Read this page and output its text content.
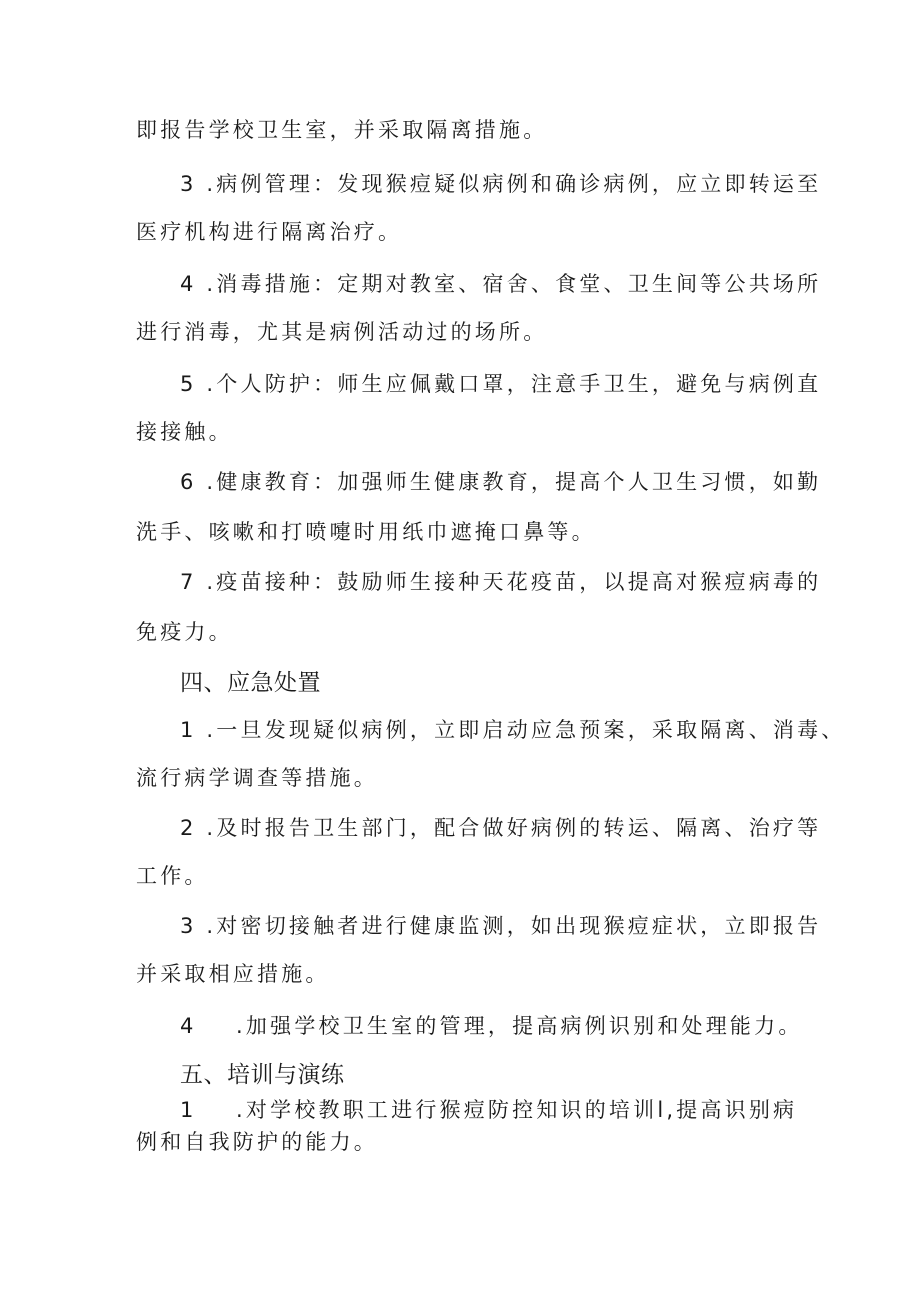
即报告学校卫生室，并采取隔离措施。
3 .病例管理：发现猴痘疑似病例和确诊病例，应立即转运至
医疗机构进行隔离治疗。
4 .消毒措施：定期对教室、宿舍、食堂、卫生间等公共场所
进行消毒，尤其是病例活动过的场所。
5 .个人防护：师生应佩戴口罩，注意手卫生，避免与病例直
接接触。
6 .健康教育：加强师生健康教育，提高个人卫生习惯，如勤
洗手、咳嗽和打喷嚏时用纸巾遮掩口鼻等。
7 .疫苗接种：鼓励师生接种天花疫苗，以提高对猴痘病毒的
免疫力。
四、应急处置
1 .一旦发现疑似病例，立即启动应急预案，采取隔离、消毒、
流行病学调查等措施。
2 .及时报告卫生部门，配合做好病例的转运、隔离、治疗等
工作。
3 .对密切接触者进行健康监测，如出现猴痘症状，立即报告
并采取相应措施。
4    .加强学校卫生室的管理，提高病例识别和处理能力。
五、培训与演练
1    .对学校教职工进行猴痘防控知识的培训l,提高识别病
例和自我防护的能力。
